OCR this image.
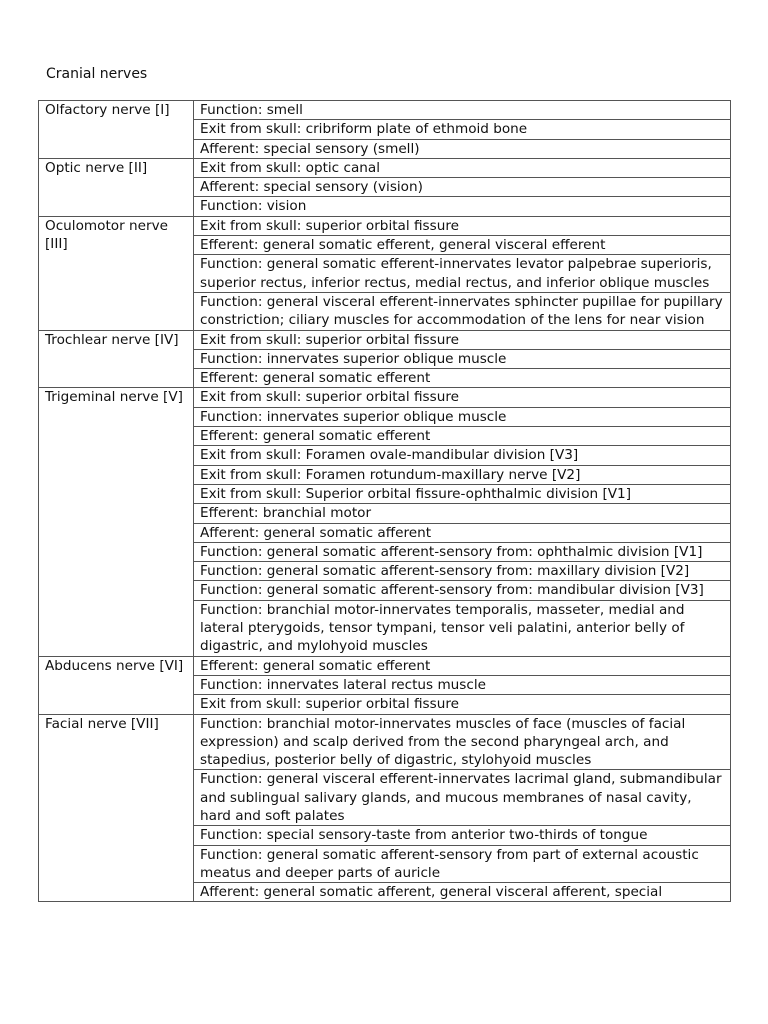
Cranial nerves
Olfactory nerve [I]	Function: smell
	Exit from skull: cribriform plate of ethmoid bone
	Afferent: special sensory (smell)
Optic nerve [II]	Exit from skull: optic canal
	Afferent: special sensory (vision)
	Function: vision
Oculomotor nerve [III]	Exit from skull: superior orbital fissure
	Efferent: general somatic efferent, general visceral efferent
	Function: general somatic efferent-innervates levator palpebrae superioris, superior rectus, inferior rectus, medial rectus, and inferior oblique muscles
	Function: general visceral efferent-innervates sphincter pupillae for pupillary constriction; ciliary muscles for accommodation of the lens for near vision
Trochlear nerve [IV]	Exit from skull: superior orbital fissure
	Function: innervates superior oblique muscle
	Efferent: general somatic efferent
Trigeminal nerve [V]	Exit from skull: superior orbital fissure
	Function: innervates superior oblique muscle
	Efferent: general somatic efferent
	Exit from skull: Foramen ovale-mandibular division [V3]
	Exit from skull: Foramen rotundum-maxillary nerve [V2]
	Exit from skull: Superior orbital fissure-ophthalmic division [V1]
	Efferent: branchial motor
	Afferent: general somatic afferent
	Function: general somatic afferent-sensory from: ophthalmic division [V1]
	Function: general somatic afferent-sensory from: maxillary division [V2]
	Function: general somatic afferent-sensory from: mandibular division [V3]
	Function: branchial motor-innervates temporalis, masseter, medial and lateral pterygoids, tensor tympani, tensor veli palatini, anterior belly of digastric, and mylohyoid muscles
Abducens nerve [VI]	Efferent: general somatic efferent
	Function: innervates lateral rectus muscle
	Exit from skull: superior orbital fissure
Facial nerve [VII]	Function: branchial motor-innervates muscles of face (muscles of facial expression) and scalp derived from the second pharyngeal arch, and stapedius, posterior belly of digastric, stylohyoid muscles
	Function: general visceral efferent-innervates lacrimal gland, submandibular and sublingual salivary glands, and mucous membranes of nasal cavity, hard and soft palates
	Function: special sensory-taste from anterior two-thirds of tongue
	Function: general somatic afferent-sensory from part of external acoustic meatus and deeper parts of auricle
	Afferent: general somatic afferent, general visceral afferent, special
